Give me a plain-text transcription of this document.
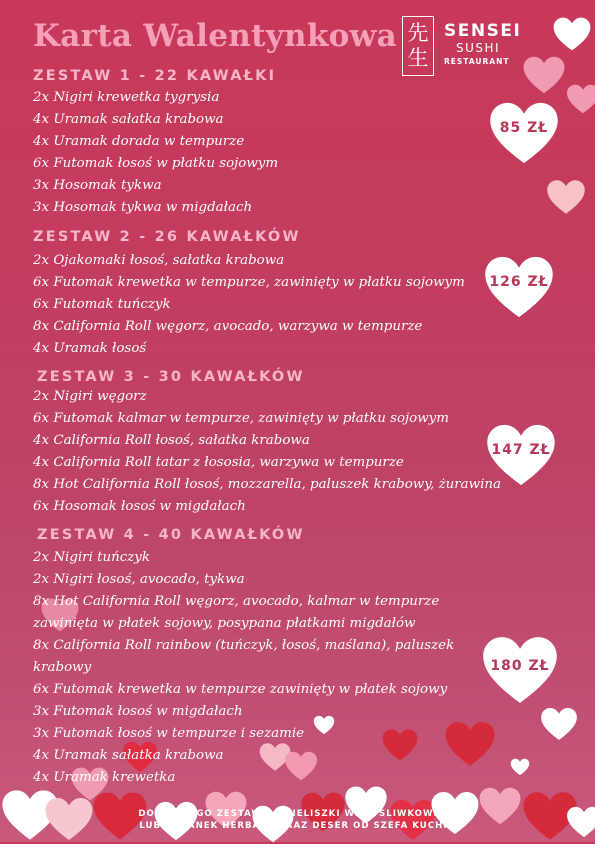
Karta Walentynkowa 先
生
SENSEI
SUSHI
RESTAURANT
ZESTAW 1 - 22 KAWAŁKI
2x Nigiri krewetka tygrysia
4x Uramak sałatka krabowa
4x Uramak dorada w tempurze
6x Futomak łosoś w płatku sojowym
3x Hosomak tykwa
3x Hosomak tykwa w migdałach
85 ZŁ
ZESTAW 2 - 26 KAWAŁKÓW
2x Ojakomaki łosoś, sałatka krabowa
6x Futomak krewetka w tempurze, zawinięty w płatku sojowym
6x Futomak tuńczyk
8x California Roll węgorz, avocado, warzywa w tempurze
4x Uramak łosoś
126 ZŁ
ZESTAW 3 - 30 KAWAŁKÓW
2x Nigiri węgorz
6x Futomak kalmar w tempurze, zawinięty w płatku sojowym
4x California Roll łosoś, sałatka krabowa
4x California Roll tatar z łososia, warzywa w tempurze
8x Hot California Roll łosoś, mozzarella, paluszek krabowy, żurawina
6x Hosomak łosoś w migdałach
147 ZŁ
ZESTAW 4 - 40 KAWAŁKÓW
2x Nigiri tuńczyk
2x Nigiri łosoś, avocado, tykwa
8x Hot California Roll węgorz, avocado, kalmar w tempurze zawinięta w płatek sojowy, posypana płatkami migdałów
8x California Roll rainbow (tuńczyk, łosoś, maślana), paluszek krabowy
6x Futomak krewetka w tempurze zawinięty w płatek sojowy
3x Futomak łosoś w migdałach
3x Futomak łosoś w tempurze i sezamie
4x Uramak sałatka krabowa
4x Uramak krewetka
180 ZŁ

DO KAŻDEGO ZESTAWU 2 KIELISZKI WINA ŚLIWKOWEGO
LUB DZBANEK HERBATY ORAZ DESER OD SZEFA KUCHNI
